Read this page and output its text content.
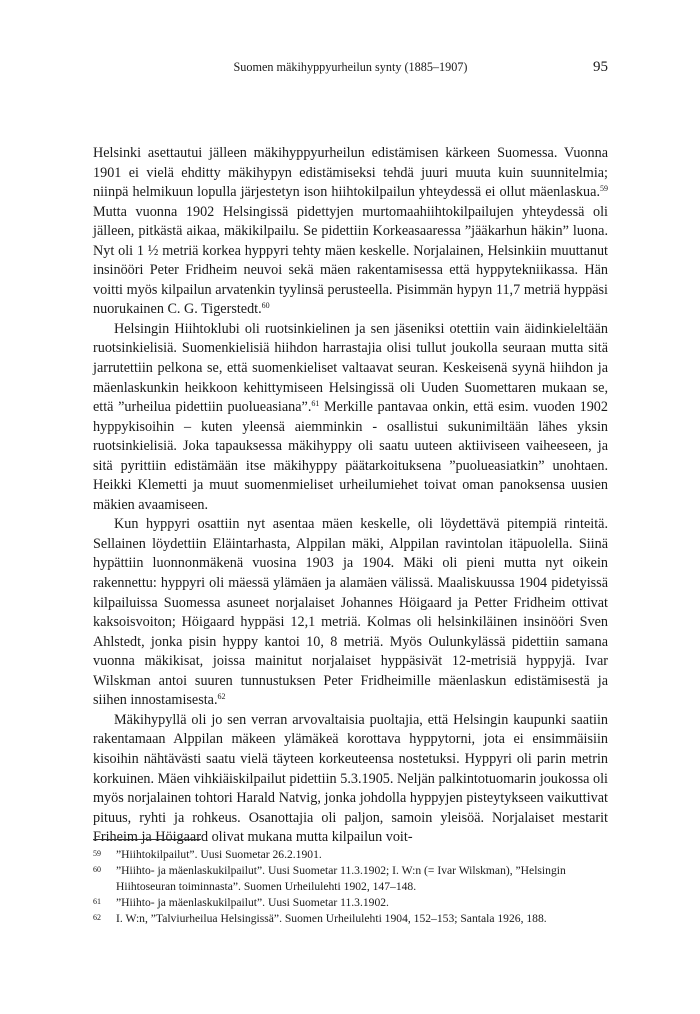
Suomen mäkihyppyurheilun synty (1885–1907)	95

Helsinki asettautui jälleen mäkihyppyurheilun edistämisen kärkeen Suomessa. Vuonna 1901 ei vielä ehditty mäkihypyn edistämiseksi tehdä juuri muuta kuin suunnitelmia; niinpä helmikuun lopulla järjestetyn ison hiihtokilpailun yhteydessä ei ollut mäenlaskua.$^{59}$ Mutta vuonna 1902 Helsingissä pidettyjen murtomaahiihtokilpailujen yhteydessä oli jälleen, pitkästä aikaa, mäkikilpailu. Se pidettiin Korkeasaaressa ”jääkarhun häkin” luona. Nyt oli 1 ½ metriä korkea hyppyri tehty mäen keskelle. Norjalainen, Helsinkiin muuttanut insinööri Peter Fridheim neuvoi sekä mäen rakentamisessa että hyppytekniikassa. Hän voitti myös kilpailun arvatenkin tyylinsä perusteella. Pisimmän hypyn 11,7 metriä hyppäsi nuorukainen C. G. Tigerstedt.$^{60}$

Helsingin Hiihtoklubi oli ruotsinkielinen ja sen jäseniksi otettiin vain äidinkieleltään ruotsinkielisiä. Suomenkielisiä hiihdon harrastajia olisi tullut joukolla seuraan mutta sitä jarrutettiin pelkona se, että suomenkieliset valtaavat seuran. Keskeisenä syynä hiihdon ja mäenlaskunkin heikkoon kehittymiseen Helsingissä oli Uuden Suomettaren mukaan se, että ”urheilua pidettiin puolueasiana”.$^{61}$ Merkille pantavaa onkin, että esim. vuoden 1902 hyppykisoihin – kuten yleensä aiemminkin - osallistui sukunimiltään lähes yksin ruotsinkielisiä. Joka tapauksessa mäkihyppy oli saatu uuteen aktiiviseen vaiheeseen, ja sitä pyrittiin edistämään itse mäkihyppy päätarkoituksena ”puolueasiatkin” unohtaen. Heikki Klemetti ja muut suomenmieliset urheilumiehet toivat oman panoksensa uusien mäkien avaamiseen.

Kun hyppyri osattiin nyt asentaa mäen keskelle, oli löydettävä pitempiä rinteitä. Sellainen löydettiin Eläintarhasta, Alppilan mäki, Alppilan ravintolan itäpuolella. Siinä hypättiin luonnonmäkenä vuosina 1903 ja 1904. Mäki oli pieni mutta nyt oikein rakennettu: hyppyri oli mäessä ylämäen ja alamäen välissä. Maaliskuussa 1904 pidetyissä kilpailuissa Suomessa asuneet norjalaiset Johannes Höigaard ja Petter Fridheim ottivat kaksoisvoiton; Höigaard hyppäsi 12,1 metriä. Kolmas oli helsinkiläinen insinööri Sven Ahlstedt, jonka pisin hyppy kantoi 10, 8 metriä. Myös Oulunkylässä pidettiin samana vuonna mäkikisat, joissa mainitut norjalaiset hyppäsivät 12-metrisiä hyppyjä. Ivar Wilskman antoi suuren tunnustuksen Peter Fridheimille mäenlaskun edistämisestä ja siihen innostamisesta.$^{62}$

Mäkihypyllä oli jo sen verran arvovaltaisia puoltajia, että Helsingin kaupunki saatiin rakentamaan Alppilan mäkeen ylämäkeä korottava hyppytorni, jota ei ensimmäisiin kisoihin nähtävästi saatu vielä täyteen korkeuteensa nostetuksi. Hyppyri oli parin metrin korkuinen. Mäen vihkiäiskilpailut pidettiin 5.3.1905. Neljän palkintotuomarin joukossa oli myös norjalainen tohtori Harald Natvig, jonka johdolla hyppyjen pisteytykseen vaikuttivat pituus, ryhti ja rohkeus. Osanottajia oli paljon, samoin yleisöä. Norjalaiset mestarit Friheim ja Höigaard olivat mukana mutta kilpailun voit-

59 ”Hiihtokilpailut”. Uusi Suometar 26.2.1901.
60 ”Hiihto- ja mäenlaskukilpailut”. Uusi Suometar 11.3.1902; I. W:n (= Ivar Wilskman), ”Helsingin Hiihtoseuran toiminnasta”. Suomen Urheilulehti 1902, 147–148.
61 ”Hiihto- ja mäenlaskukilpailut”. Uusi Suometar 11.3.1902.
62 I. W:n, ”Talviurheilua Helsingissä”. Suomen Urheilulehti 1904, 152–153; Santala 1926, 188.
